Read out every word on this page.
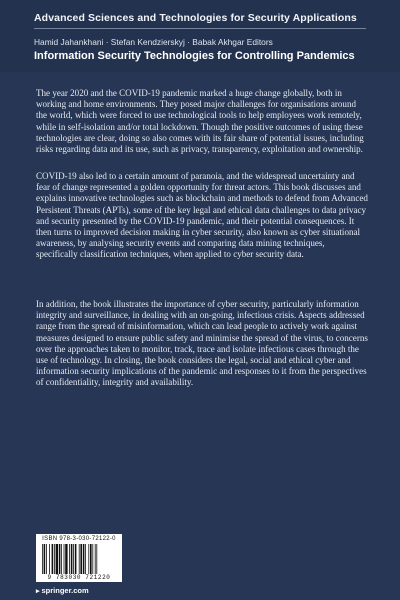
Advanced Sciences and Technologies for Security Applications
Hamid Jahankhani · Stefan Kendzierskyj · Babak Akhgar Editors
Information Security Technologies for Controlling Pandemics

The year 2020 and the COVID-19 pandemic marked a huge change globally, both in working and home environments. They posed major challenges for organisations around the world, which were forced to use technological tools to help employees work remotely, while in self-isolation and/or total lockdown. Though the positive outcomes of using these technologies are clear, doing so also comes with its fair share of potential issues, including risks regarding data and its use, such as privacy, transparency, exploitation and ownership.

COVID-19 also led to a certain amount of paranoia, and the widespread uncertainty and fear of change represented a golden opportunity for threat actors. This book discusses and explains innovative technologies such as blockchain and methods to defend from Advanced Persistent Threats (APTs), some of the key legal and ethical data challenges to data privacy and security presented by the COVID-19 pandemic, and their potential consequences. It then turns to improved decision making in cyber security, also known as cyber situational awareness, by analysing security events and comparing data mining techniques, specifically classification techniques, when applied to cyber security data.

In addition, the book illustrates the importance of cyber security, particularly information integrity and surveillance, in dealing with an on-going, infectious crisis. Aspects addressed range from the spread of misinformation, which can lead people to actively work against measures designed to ensure public safety and minimise the spread of the virus, to concerns over the approaches taken to monitor, track, trace and isolate infectious cases through the use of technology. In closing, the book considers the legal, social and ethical cyber and information security implications of the pandemic and responses to it from the perspectives of confidentiality, integrity and availability.

ISBN 978-3-030-72122-0
9 783030 721220
▸ springer.com
